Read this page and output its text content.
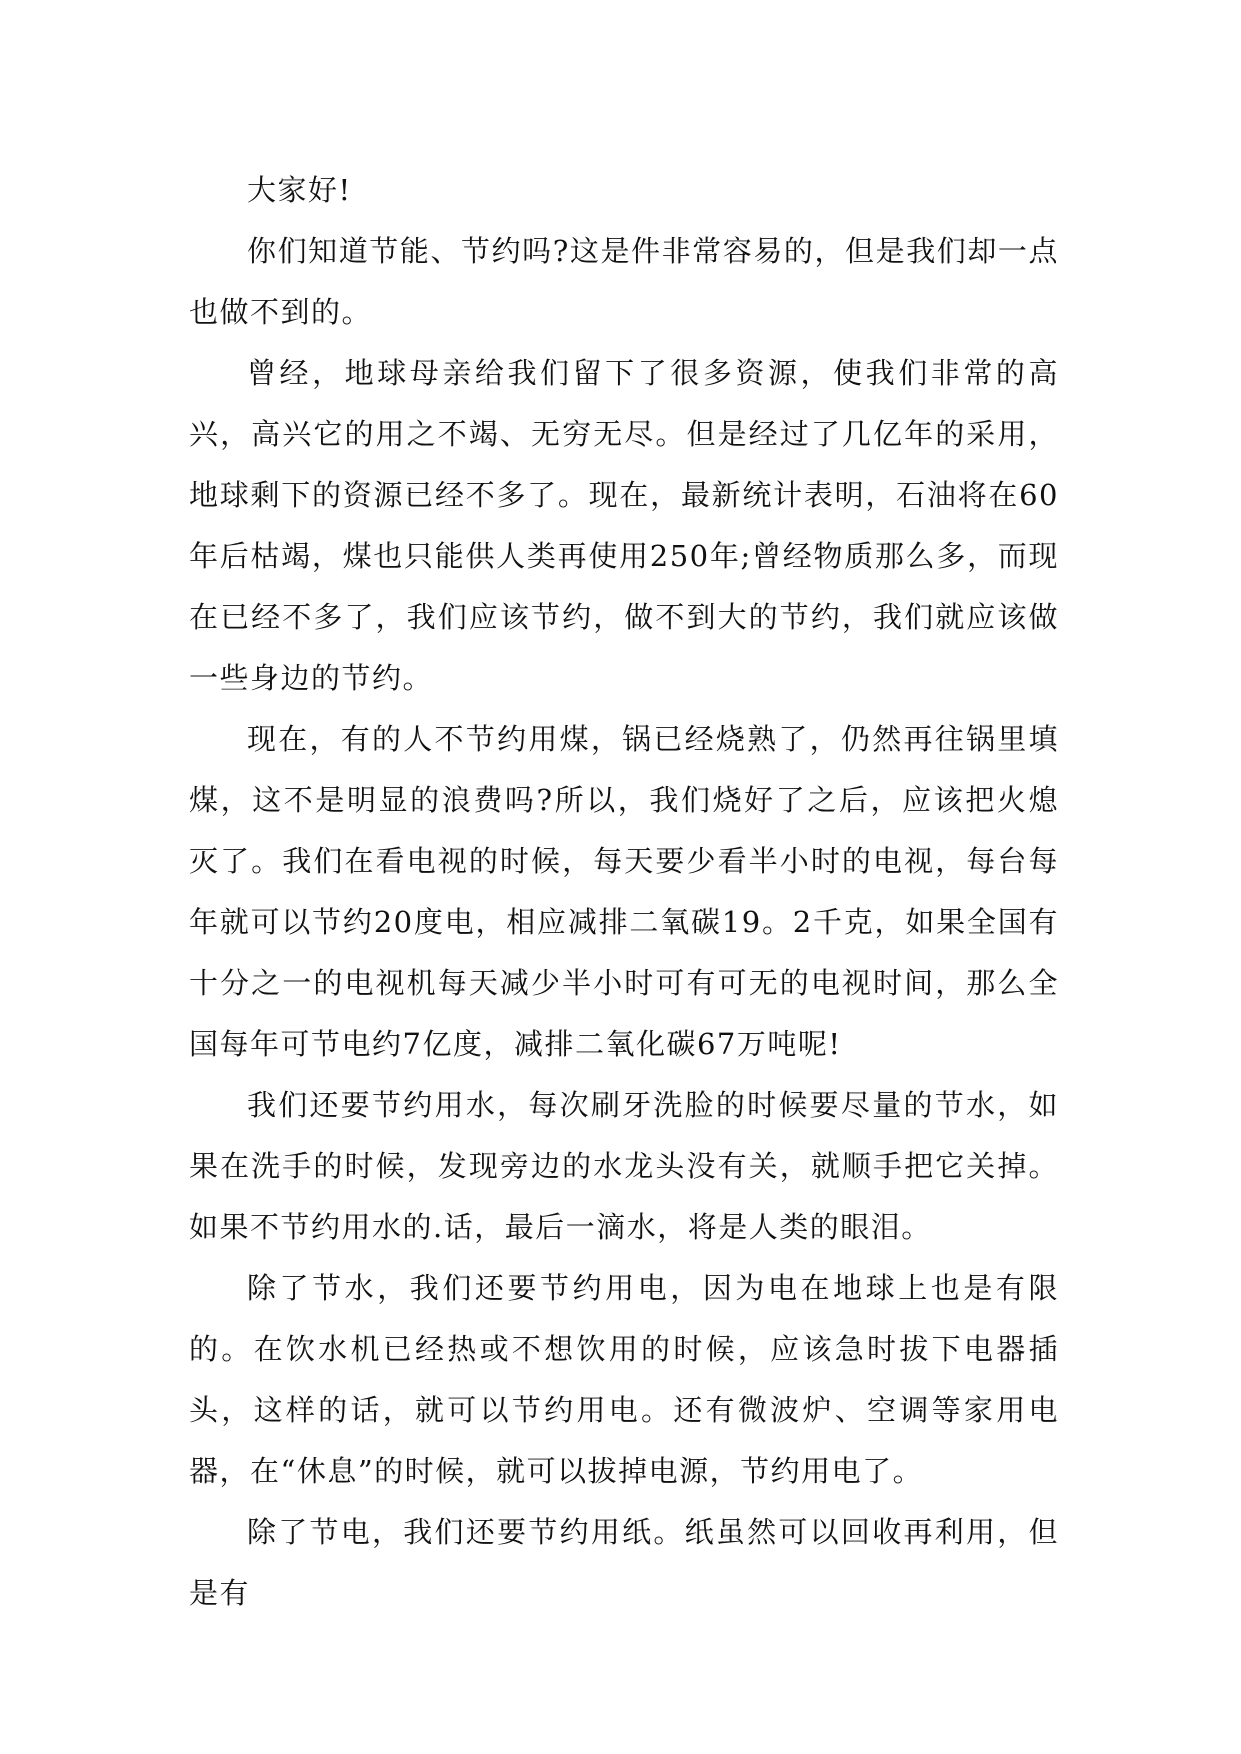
大家好!

你们知道节能、节约吗?这是件非常容易的，但是我们却一点也做不到的。

曾经，地球母亲给我们留下了很多资源，使我们非常的高兴，高兴它的用之不竭、无穷无尽。但是经过了几亿年的采用，地球剩下的资源已经不多了。现在，最新统计表明，石油将在60年后枯竭，煤也只能供人类再使用250年;曾经物质那么多，而现在已经不多了，我们应该节约，做不到大的节约，我们就应该做一些身边的节约。

现在，有的人不节约用煤，锅已经烧熟了，仍然再往锅里填煤，这不是明显的浪费吗?所以，我们烧好了之后，应该把火熄灭了。我们在看电视的时候，每天要少看半小时的电视，每台每年就可以节约20度电，相应减排二氧碳19。2千克，如果全国有十分之一的电视机每天减少半小时可有可无的电视时间，那么全国每年可节电约7亿度，减排二氧化碳67万吨呢!

我们还要节约用水，每次刷牙洗脸的时候要尽量的节水，如果在洗手的时候，发现旁边的水龙头没有关，就顺手把它关掉。如果不节约用水的.话，最后一滴水，将是人类的眼泪。

除了节水，我们还要节约用电，因为电在地球上也是有限的。在饮水机已经热或不想饮用的时候，应该急时拔下电器插头，这样的话，就可以节约用电。还有微波炉、空调等家用电器，在“休息”的时候，就可以拔掉电源，节约用电了。

除了节电，我们还要节约用纸。纸虽然可以回收再利用，但是有
